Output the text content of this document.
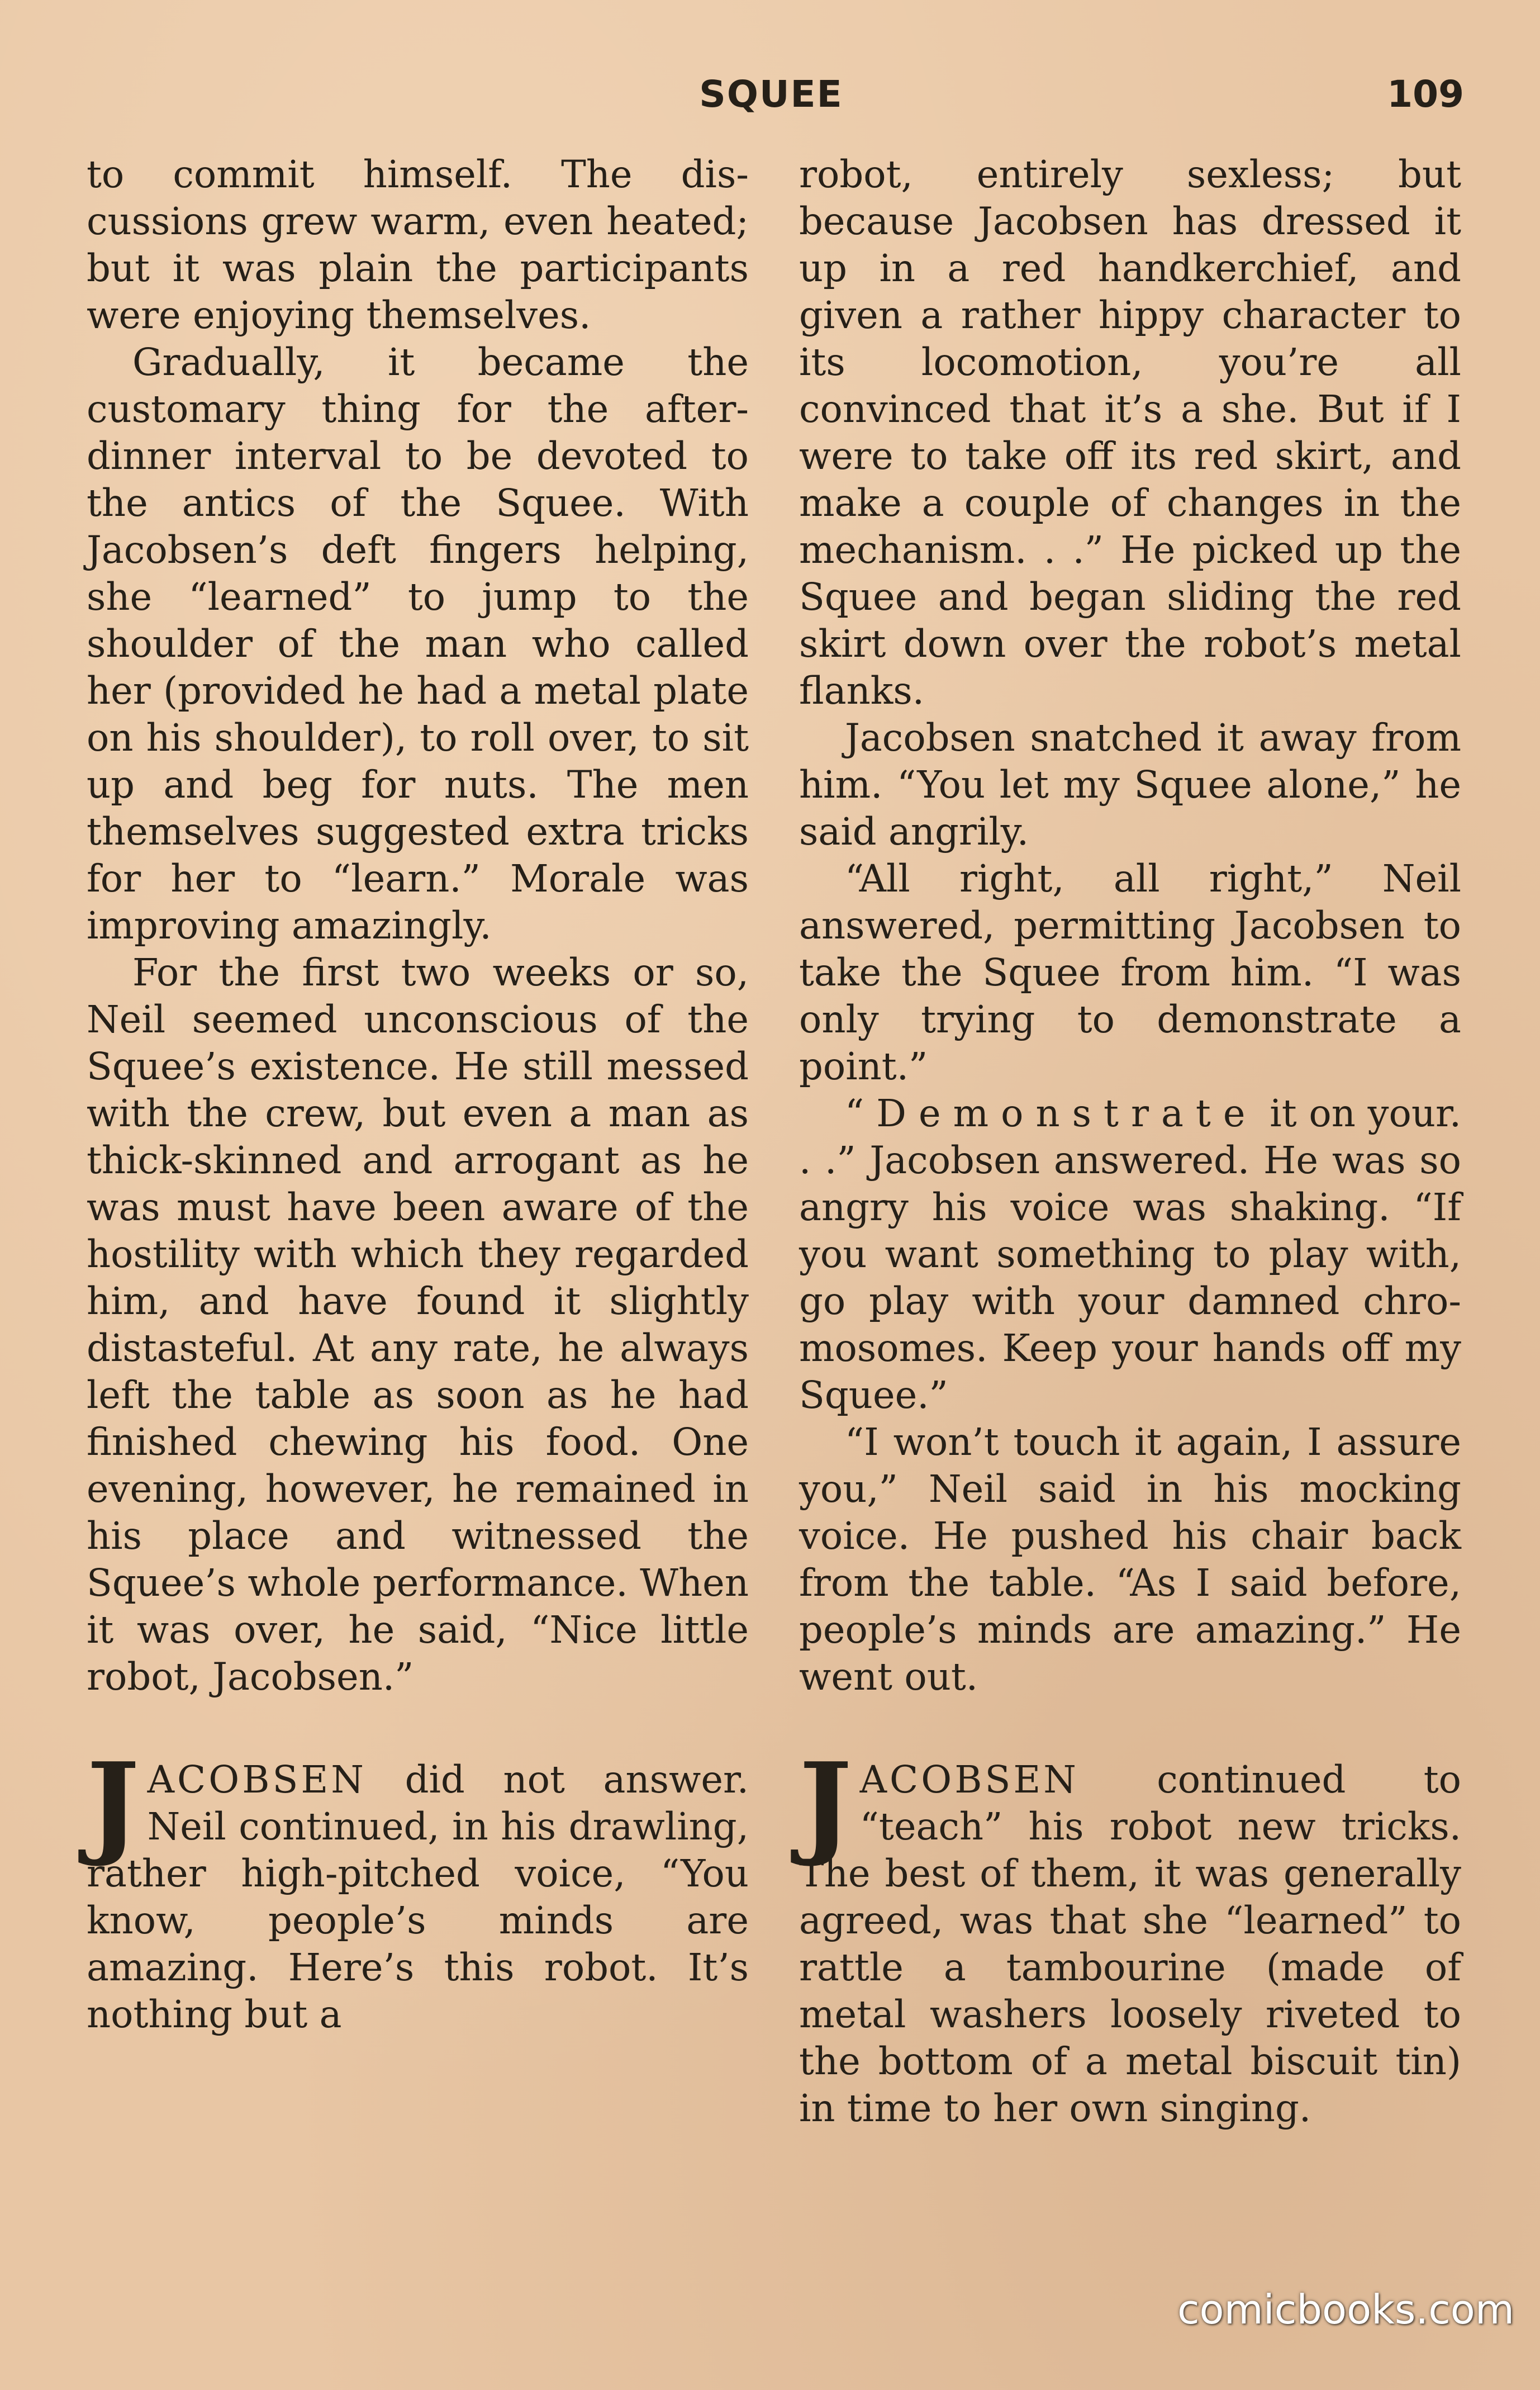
SQUEE	109

to commit himself. The discussions grew warm, even heated; but it was plain the participants were enjoying themselves.

Gradually, it became the customary thing for the after-dinner interval to be devoted to the antics of the Squee. With Jacobsen’s deft fingers helping, she “learned” to jump to the shoulder of the man who called her (provided he had a metal plate on his shoulder), to roll over, to sit up and beg for nuts. The men themselves suggested extra tricks for her to “learn.” Morale was improving amazingly.

For the first two weeks or so, Neil seemed unconscious of the Squee’s existence. He still messed with the crew, but even a man as thick-skinned and arrogant as he was must have been aware of the hostility with which they regarded him, and have found it slightly distasteful. At any rate, he always left the table as soon as he had finished chewing his food. One evening, however, he remained in his place and witnessed the Squee’s whole performance. When it was over, he said, “Nice little robot, Jacobsen.”

JACOBSEN did not answer. Neil continued, in his drawling, rather high-pitched voice, “You know, people’s minds are amazing. Here’s this robot. It’s nothing but a

robot, entirely sexless; but because Jacobsen has dressed it up in a red handkerchief, and given a rather hippy character to its locomotion, you’re all convinced that it’s a she. But if I were to take off its red skirt, and make a couple of changes in the mechanism. . .” He picked up the Squee and began sliding the red skirt down over the robot’s metal flanks.

Jacobsen snatched it away from him. “You let my Squee alone,” he said angrily.

“All right, all right,” Neil answered, permitting Jacobsen to take the Squee from him. “I was only trying to demonstrate a point.”

“Demonstrate it on your. . .” Jacobsen answered. He was so angry his voice was shaking. “If you want something to play with, go play with your damned chromosomes. Keep your hands off my Squee.”

“I won’t touch it again, I assure you,” Neil said in his mocking voice. He pushed his chair back from the table. “As I said before, people’s minds are amazing.” He went out.

JACOBSEN continued to “teach” his robot new tricks. The best of them, it was generally agreed, was that she “learned” to rattle a tambourine (made of metal washers loosely riveted to the bottom of a metal biscuit tin) in time to her own singing.

comicbooks.com
